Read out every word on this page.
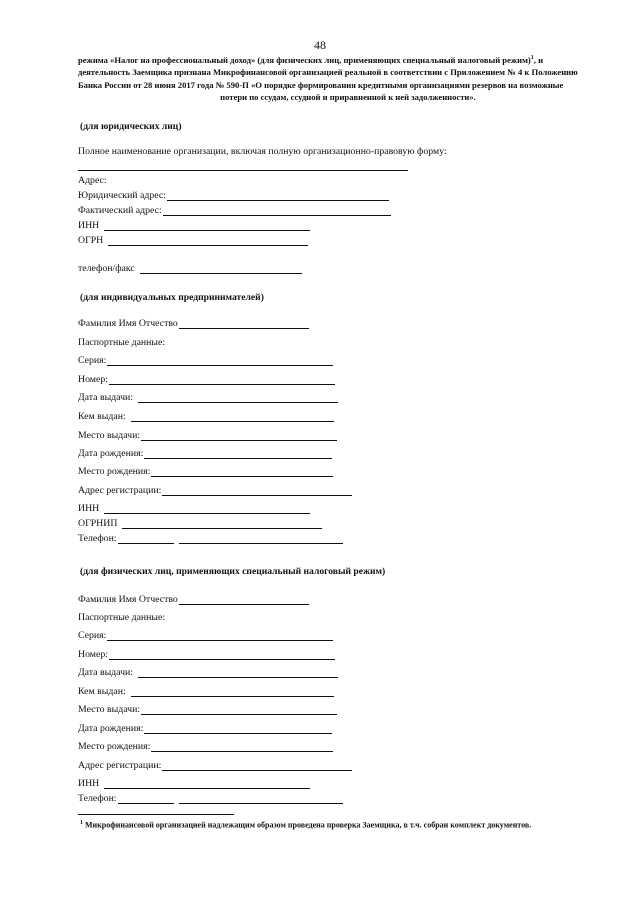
48

режима «Налог на профессиональный доход» (для физических лиц, применяющих специальный налоговый режим)$^1$, и

деятельность Заемщика признана Микрофинансовой организацией реальной в соответствии с Приложением № 4 к Положению

Банка России от 28 июня 2017 года № 590-П «О порядке формирования кредитными организациями резервов на возможные

потери по ссудам, ссудной и приравненной к ней задолженности».

(для юридических лиц)
Полное наименование организации, включая полную организационно-правовую форму:
Адрес:
Юридический адрес:
Фактический адрес:
ИНН
ОГРН
телефон/факс
(для индивидуальных предпринимателей)
Фамилия Имя Отчество
Паспортные данные:
Серия:
Номер:
Дата выдачи:
Кем выдан:
Место выдачи:
Дата рождения:
Место рождения:
Адрес регистрации:
ИНН
ОГРНИП
Телефон:
(для физических лиц, применяющих специальный налоговый режим)
Фамилия Имя Отчество
Паспортные данные:
Серия:
Номер:
Дата выдачи:
Кем выдан:
Место выдачи:
Дата рождения:
Место рождения:
Адрес регистрации:
ИНН
Телефон:
$^1$ Микрофинансовой организацией надлежащим образом проведена проверка Заемщика, в т.ч. собран комплект документов.
